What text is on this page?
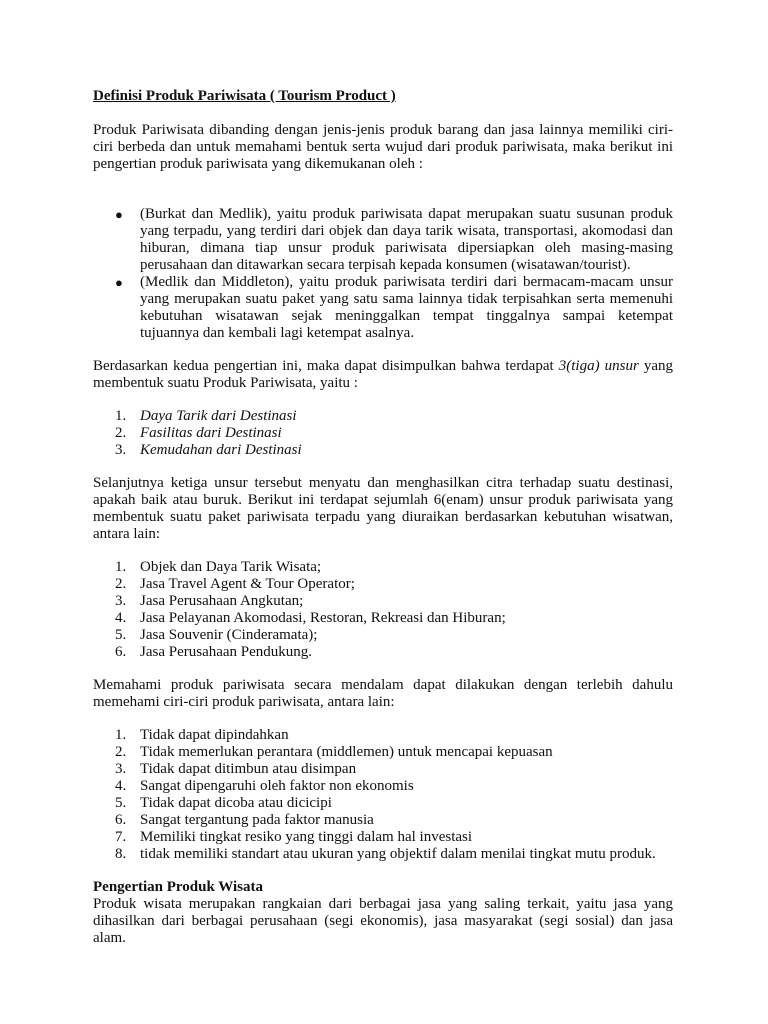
Definisi Produk Pariwisata ( Tourism Product )
Produk Pariwisata dibanding dengan jenis-jenis produk barang dan jasa lainnya memiliki ciri-
ciri berbeda dan untuk memahami bentuk serta wujud dari produk pariwisata, maka berikut ini
pengertian produk pariwisata yang dikemukanan oleh :
● (Burkat dan Medlik), yaitu produk pariwisata dapat merupakan suatu susunan produk
yang terpadu, yang terdiri dari objek dan daya tarik wisata, transportasi, akomodasi dan
hiburan, dimana tiap unsur produk pariwisata dipersiapkan oleh masing-masing
perusahaan dan ditawarkan secara terpisah kepada konsumen (wisatawan/tourist).
● (Medlik dan Middleton), yaitu produk pariwisata terdiri dari bermacam-macam unsur
yang merupakan suatu paket yang satu sama lainnya tidak terpisahkan serta memenuhi
kebutuhan wisatawan sejak meninggalkan tempat tinggalnya sampai ketempat
tujuannya dan kembali lagi ketempat asalnya.
Berdasarkan kedua pengertian ini, maka dapat disimpulkan bahwa terdapat 3(tiga) unsur yang
membentuk suatu Produk Pariwisata, yaitu :
1. Daya Tarik dari Destinasi
2. Fasilitas dari Destinasi
3. Kemudahan dari Destinasi
Selanjutnya ketiga unsur tersebut menyatu dan menghasilkan citra terhadap suatu destinasi,
apakah baik atau buruk. Berikut ini terdapat sejumlah 6(enam) unsur produk pariwisata yang
membentuk suatu paket pariwisata terpadu yang diuraikan berdasarkan kebutuhan wisatwan,
antara lain:
1. Objek dan Daya Tarik Wisata;
2. Jasa Travel Agent & Tour Operator;
3. Jasa Perusahaan Angkutan;
4. Jasa Pelayanan Akomodasi, Restoran, Rekreasi dan Hiburan;
5. Jasa Souvenir (Cinderamata);
6. Jasa Perusahaan Pendukung.
Memahami produk pariwisata secara mendalam dapat dilakukan dengan terlebih dahulu
memehami ciri-ciri produk pariwisata, antara lain:
1. Tidak dapat dipindahkan
2. Tidak memerlukan perantara (middlemen) untuk mencapai kepuasan
3. Tidak dapat ditimbun atau disimpan
4. Sangat dipengaruhi oleh faktor non ekonomis
5. Tidak dapat dicoba atau dicicipi
6. Sangat tergantung pada faktor manusia
7. Memiliki tingkat resiko yang tinggi dalam hal investasi
8. tidak memiliki standart atau ukuran yang objektif dalam menilai tingkat mutu produk.
Pengertian Produk Wisata
Produk wisata merupakan rangkaian dari berbagai jasa yang saling terkait, yaitu jasa yang
dihasilkan dari berbagai perusahaan (segi ekonomis), jasa masyarakat (segi sosial) dan jasa
alam.
